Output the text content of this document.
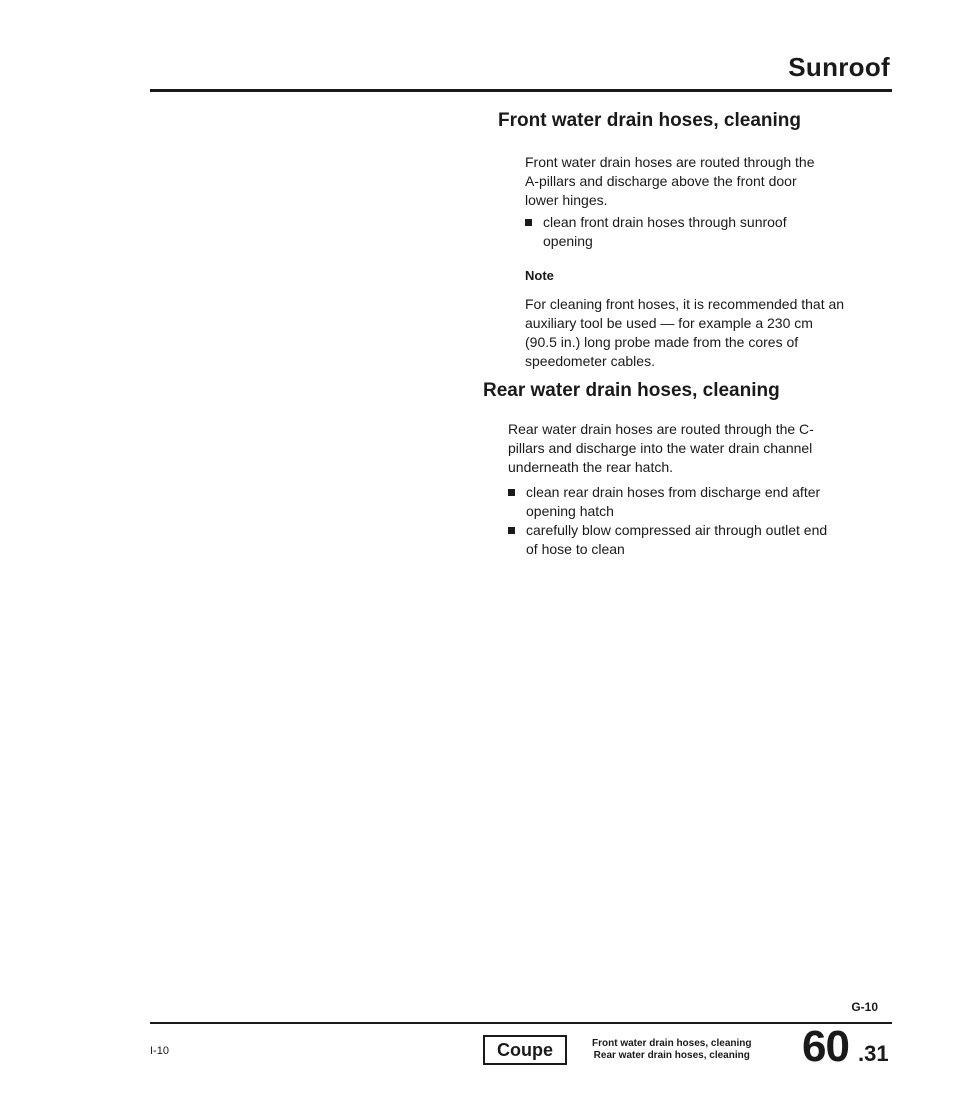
Sunroof
Front water drain hoses, cleaning
Front water drain hoses are routed through the A-pillars and discharge above the front door lower hinges.
clean front drain hoses through sunroof opening
Note
For cleaning front hoses, it is recommended that an auxiliary tool be used — for example a 230 cm (90.5 in.) long probe made from the cores of speedometer cables.
Rear water drain hoses, cleaning
Rear water drain hoses are routed through the C-pillars and discharge into the water drain channel underneath the rear hatch.
clean rear drain hoses from discharge end after opening hatch
carefully blow compressed air through outlet end of hose to clean
G-10
I-10	Coupe	Front water drain hoses, cleaning
Rear water drain hoses, cleaning 60 .31
